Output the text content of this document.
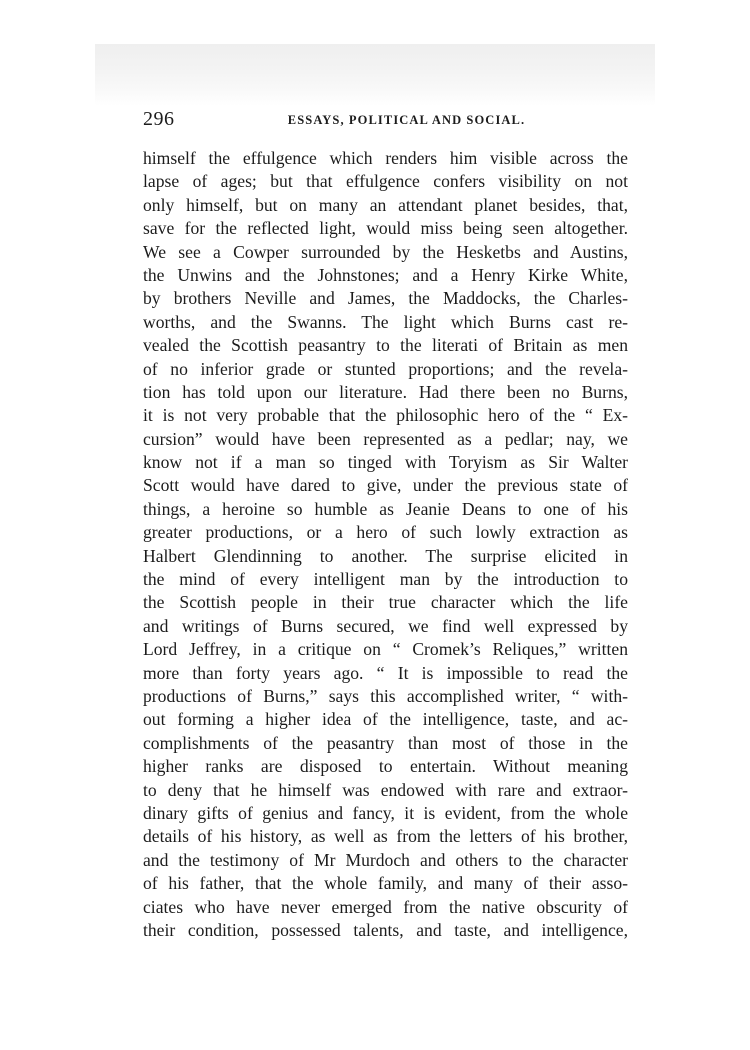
296	ESSAYS, POLITICAL AND SOCIAL.
himself the effulgence which renders him visible across the
lapse of ages; but that effulgence confers visibility on not
only himself, but on many an attendant planet besides, that,
save for the reflected light, would miss being seen altogether.
We see a Cowper surrounded by the Hesketbs and Austins,
the Unwins and the Johnstones; and a Henry Kirke White,
by brothers Neville and James, the Maddocks, the Charles-
worths, and the Swanns. The light which Burns cast re-
vealed the Scottish peasantry to the literati of Britain as men
of no inferior grade or stunted proportions; and the revela-
tion has told upon our literature. Had there been no Burns,
it is not very probable that the philosophic hero of the “ Ex-
cursion” would have been represented as a pedlar; nay, we
know not if a man so tinged with Toryism as Sir Walter
Scott would have dared to give, under the previous state of
things, a heroine so humble as Jeanie Deans to one of his
greater productions, or a hero of such lowly extraction as
Halbert Glendinning to another. The surprise elicited in
the mind of every intelligent man by the introduction to
the Scottish people in their true character which the life
and writings of Burns secured, we find well expressed by
Lord Jeffrey, in a critique on “ Cromek’s Reliques,” written
more than forty years ago. “ It is impossible to read the
productions of Burns,” says this accomplished writer, “ with-
out forming a higher idea of the intelligence, taste, and ac-
complishments of the peasantry than most of those in the
higher ranks are disposed to entertain. Without meaning
to deny that he himself was endowed with rare and extraor-
dinary gifts of genius and fancy, it is evident, from the whole
details of his history, as well as from the letters of his brother,
and the testimony of Mr Murdoch and others to the character
of his father, that the whole family, and many of their asso-
ciates who have never emerged from the native obscurity of
their condition, possessed talents, and taste, and intelligence,
